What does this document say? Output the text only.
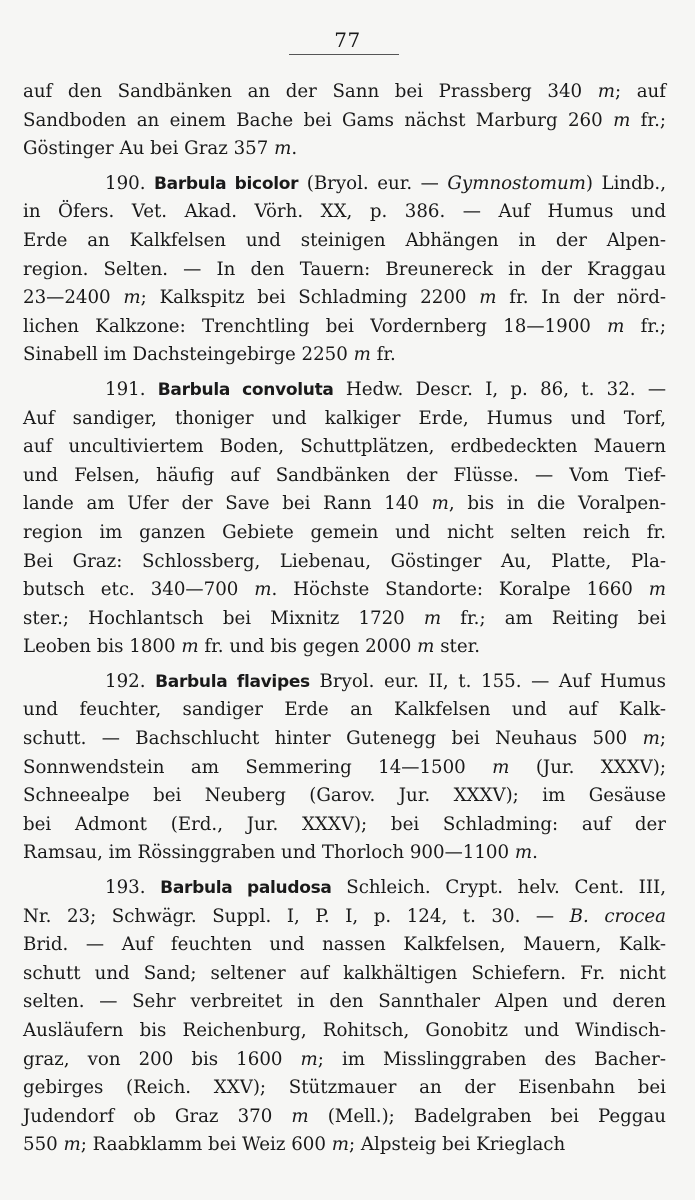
77
auf den Sandbänken an der Sann bei Prassberg 340 m; auf
Sandboden an einem Bache bei Gams nächst Marburg 260 m fr.;
Göstinger Au bei Graz 357 m.
190. Barbula bicolor (Bryol. eur. — Gymnostomum) Lindb.,
in Öfers. Vet. Akad. Vörh. XX, p. 386. — Auf Humus und
Erde an Kalkfelsen und steinigen Abhängen in der Alpen-
region. Selten. — In den Tauern: Breunereck in der Kraggau
23—2400 m; Kalkspitz bei Schladming 2200 m fr. In der nörd-
lichen Kalkzone: Trenchtling bei Vordernberg 18—1900 m fr.;
Sinabell im Dachsteingebirge 2250 m fr.
191. Barbula convoluta Hedw. Descr. I, p. 86, t. 32. —
Auf sandiger, thoniger und kalkiger Erde, Humus und Torf,
auf uncultiviertem Boden, Schuttplätzen, erdbedeckten Mauern
und Felsen, häufig auf Sandbänken der Flüsse. — Vom Tief-
lande am Ufer der Save bei Rann 140 m, bis in die Voralpen-
region im ganzen Gebiete gemein und nicht selten reich fr.
Bei Graz: Schlossberg, Liebenau, Göstinger Au, Platte, Pla-
butsch etc. 340—700 m. Höchste Standorte: Koralpe 1660 m
ster.; Hochlantsch bei Mixnitz 1720 m fr.; am Reiting bei
Leoben bis 1800 m fr. und bis gegen 2000 m ster.
192. Barbula flavipes Bryol. eur. II, t. 155. — Auf Humus
und feuchter, sandiger Erde an Kalkfelsen und auf Kalk-
schutt. — Bachschlucht hinter Gutenegg bei Neuhaus 500 m;
Sonnwendstein am Semmering 14—1500 m (Jur. XXXV);
Schneealpe bei Neuberg (Garov. Jur. XXXV); im Gesäuse
bei Admont (Erd., Jur. XXXV); bei Schladming: auf der
Ramsau, im Rössinggraben und Thorloch 900—1100 m.
193. Barbula paludosa Schleich. Crypt. helv. Cent. III,
Nr. 23; Schwägr. Suppl. I, P. I, p. 124, t. 30. — B. crocea
Brid. — Auf feuchten und nassen Kalkfelsen, Mauern, Kalk-
schutt und Sand; seltener auf kalkhältigen Schiefern. Fr. nicht
selten. — Sehr verbreitet in den Sannthaler Alpen und deren
Ausläufern bis Reichenburg, Rohitsch, Gonobitz und Windisch-
graz, von 200 bis 1600 m; im Misslinggraben des Bacher-
gebirges (Reich. XXV); Stützmauer an der Eisenbahn bei
Judendorf ob Graz 370 m (Mell.); Badelgraben bei Peggau
550 m; Raabklamm bei Weiz 600 m; Alpsteig bei Krieglach
